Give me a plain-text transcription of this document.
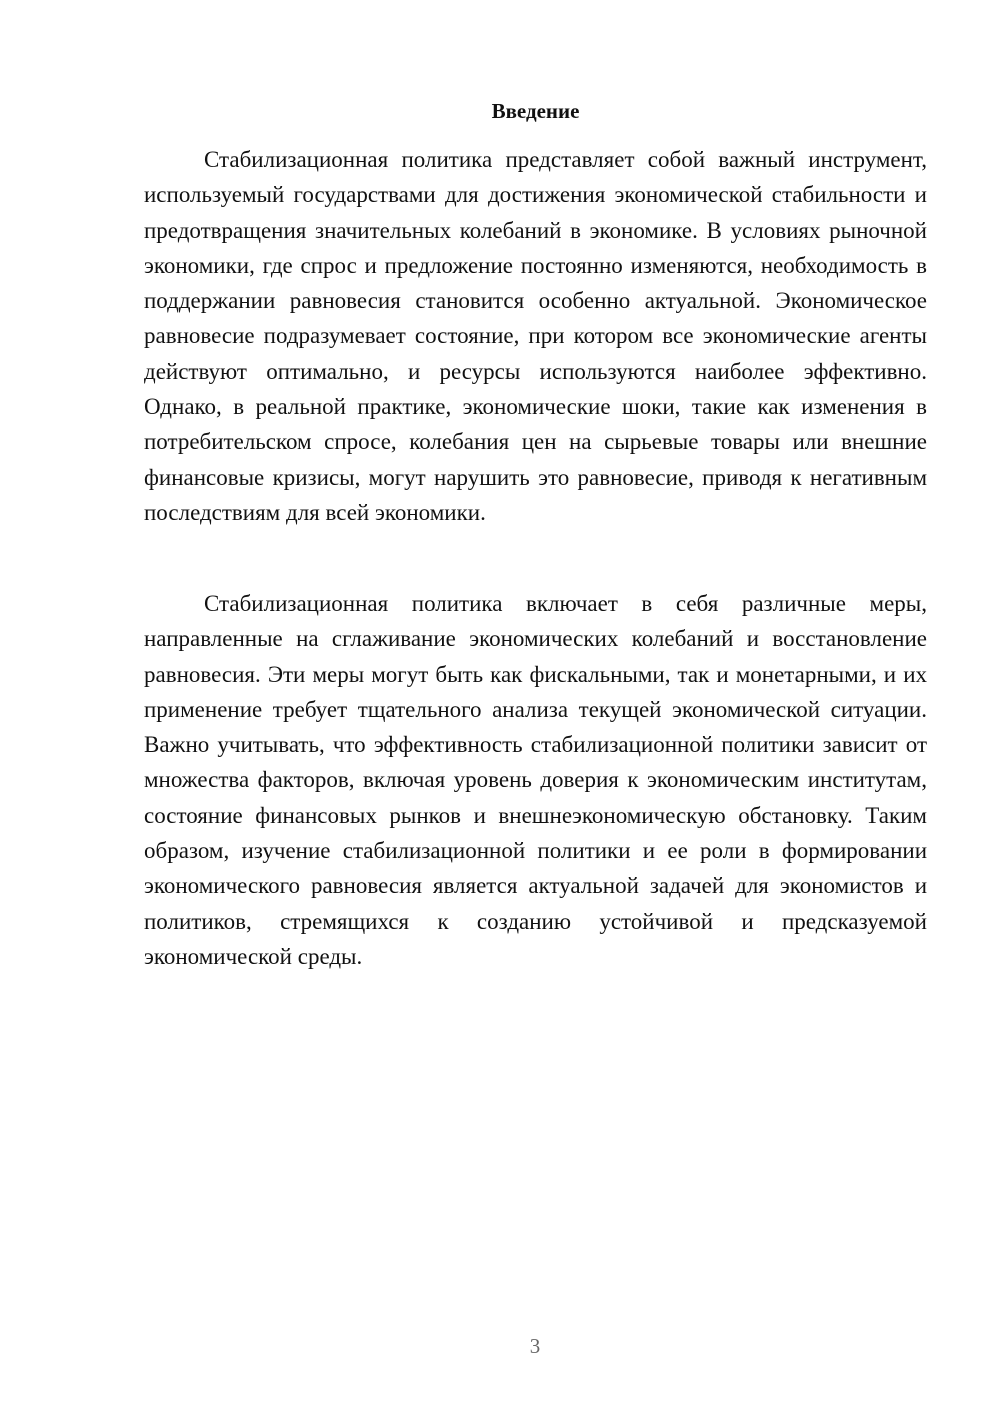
Введение

Стабилизационная политика представляет собой важный инструмент, используемый государствами для достижения экономической стабильности и предотвращения значительных колебаний в экономике. В условиях рыночной экономики, где спрос и предложение постоянно изменяются, необходимость в поддержании равновесия становится особенно актуальной. Экономическое равновесие подразумевает состояние, при котором все экономические агенты действуют оптимально, и ресурсы используются наиболее эффективно. Однако, в реальной практике, экономические шоки, такие как изменения в потребительском спросе, колебания цен на сырьевые товары или внешние финансовые кризисы, могут нарушить это равновесие, приводя к негативным последствиям для всей экономики.

Стабилизационная политика включает в себя различные меры, направленные на сглаживание экономических колебаний и восстановление равновесия. Эти меры могут быть как фискальными, так и монетарными, и их применение требует тщательного анализа текущей экономической ситуации. Важно учитывать, что эффективность стабилизационной политики зависит от множества факторов, включая уровень доверия к экономическим институтам, состояние финансовых рынков и внешнеэкономическую обстановку. Таким образом, изучение стабилизационной политики и ее роли в формировании экономического равновесия является актуальной задачей для экономистов и политиков, стремящихся к созданию устойчивой и предсказуемой экономической среды.

3
